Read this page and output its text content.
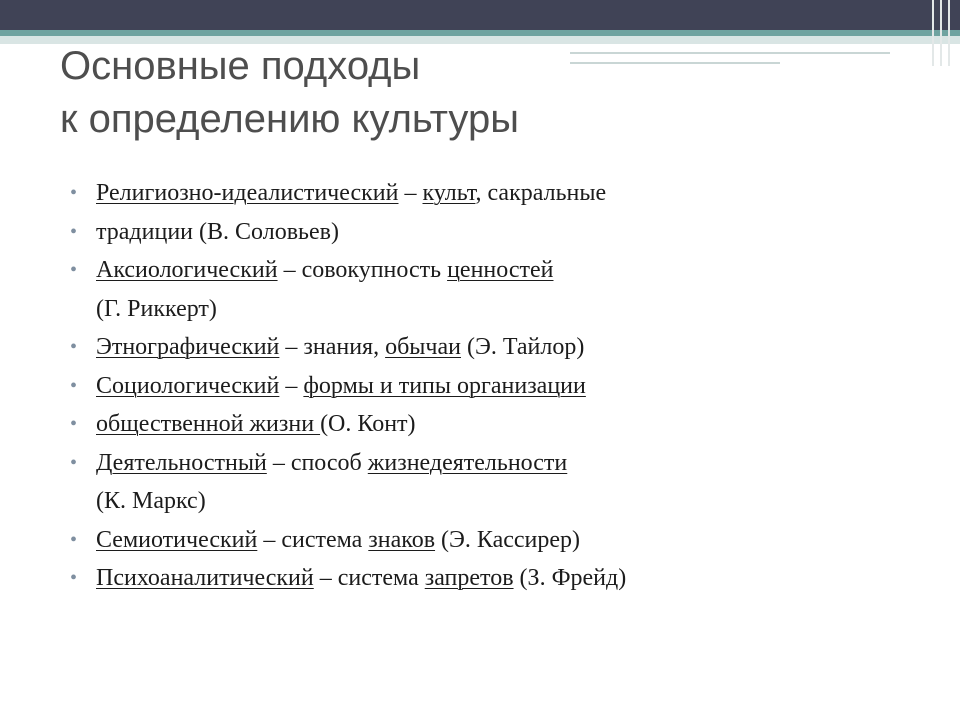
Основные подходы
к определению культуры
• Религиозно-идеалистический – культ, сакральные
• традиции (В. Соловьев)
• Аксиологический – совокупность ценностей
(Г. Риккерт)
• Этнографический – знания, обычаи (Э. Тайлор)
• Социологический – формы и типы организации
• общественной жизни (О. Конт)
• Деятельностный – способ жизнедеятельности
(К. Маркс)
• Семиотический – система знаков (Э. Кассирер)
• Психоаналитический – система запретов (З. Фрейд)
